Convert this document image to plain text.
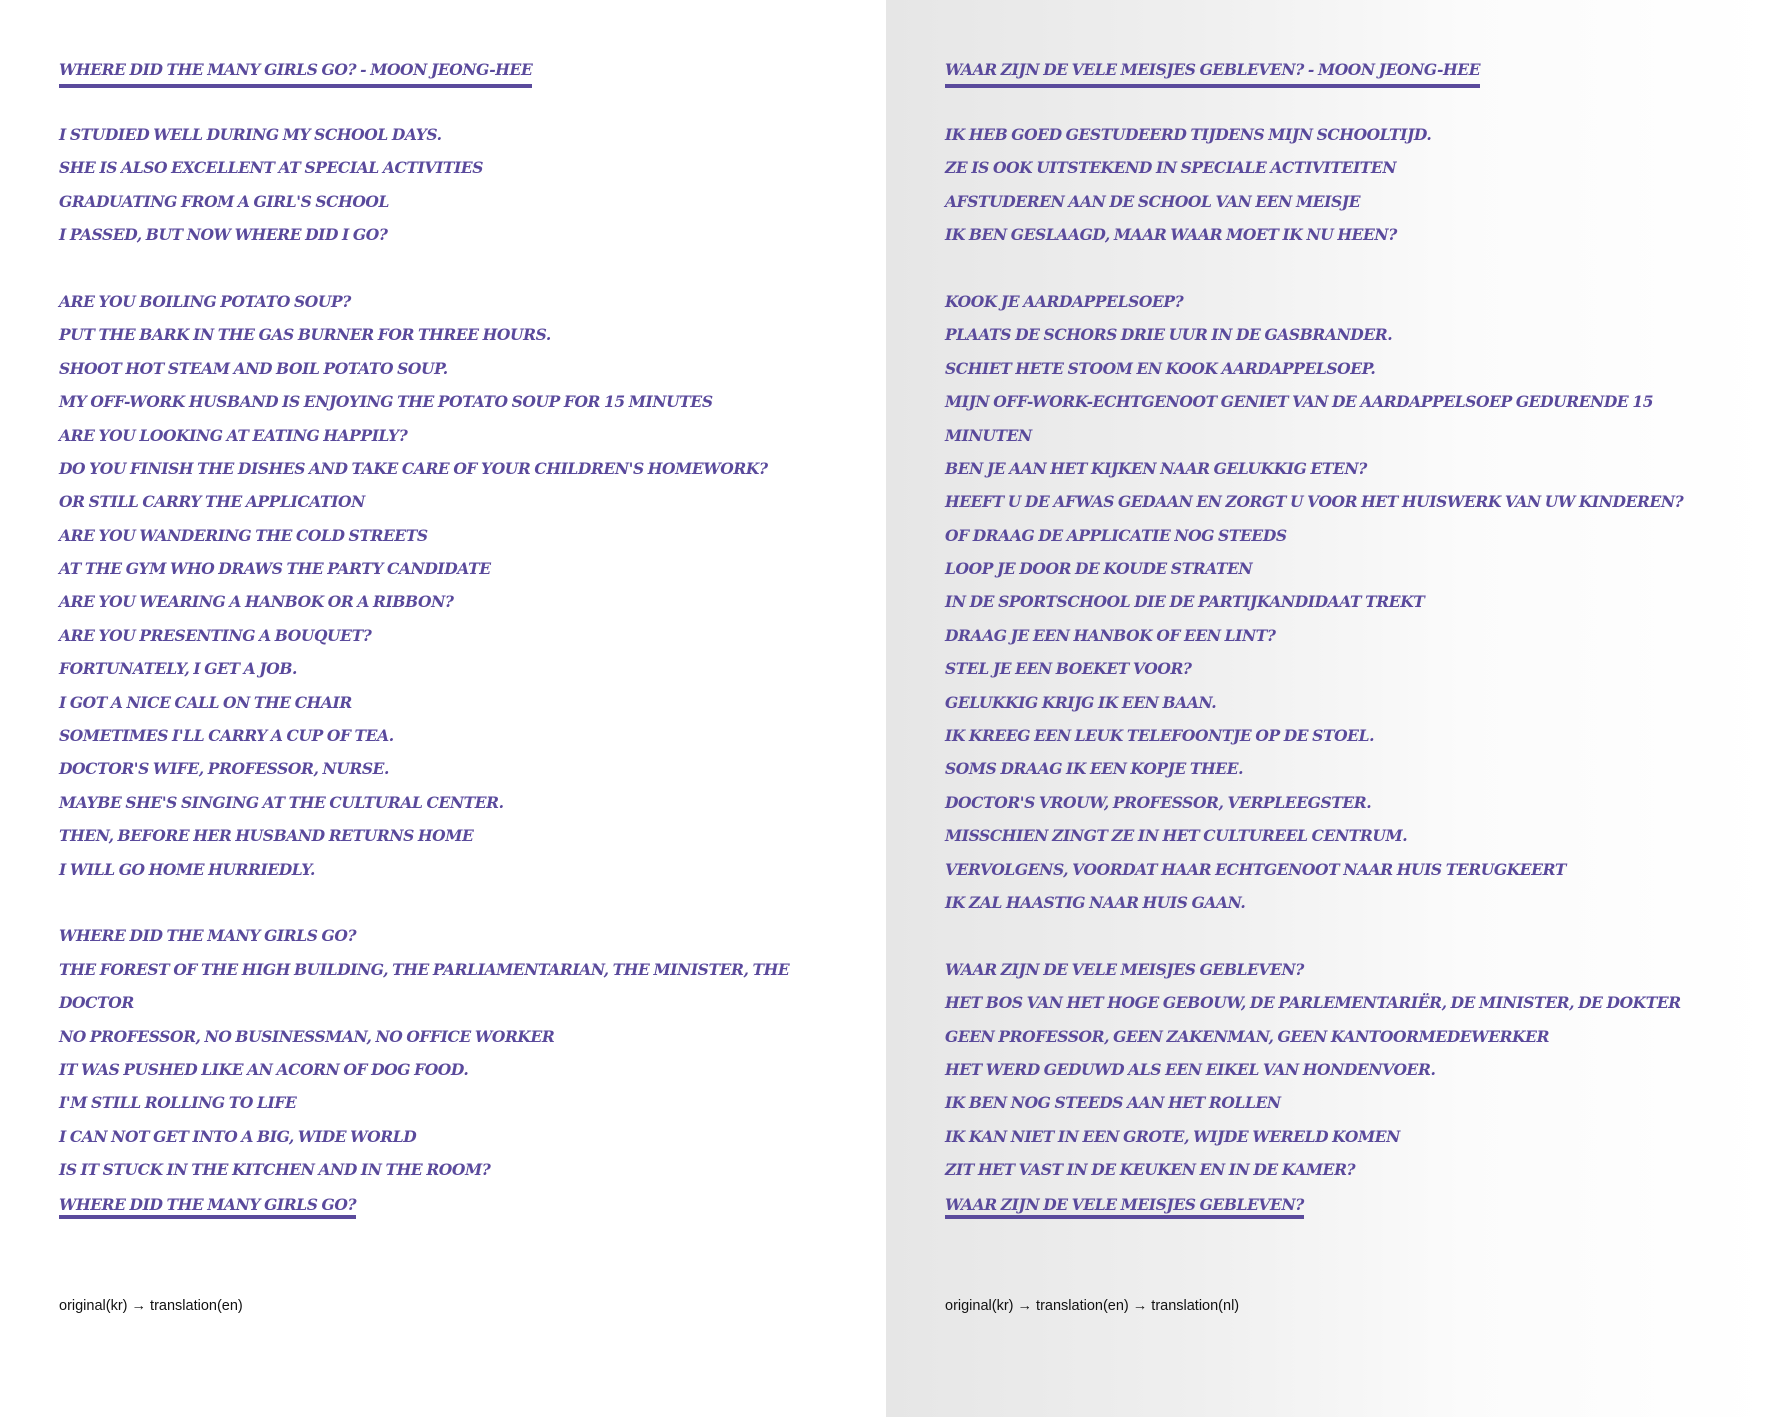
WHERE DID THE MANY GIRLS GO? - MOON JEONG-HEE
I STUDIED WELL DURING MY SCHOOL DAYS.
SHE IS ALSO EXCELLENT AT SPECIAL ACTIVITIES
GRADUATING FROM A GIRL'S SCHOOL
I PASSED, BUT NOW WHERE DID I GO?
ARE YOU BOILING POTATO SOUP?
PUT THE BARK IN THE GAS BURNER FOR THREE HOURS.
SHOOT HOT STEAM AND BOIL POTATO SOUP.
MY OFF-WORK HUSBAND IS ENJOYING THE POTATO SOUP FOR 15 MINUTES
ARE YOU LOOKING AT EATING HAPPILY?
DO YOU FINISH THE DISHES AND TAKE CARE OF YOUR CHILDREN'S HOMEWORK?
OR STILL CARRY THE APPLICATION
ARE YOU WANDERING THE COLD STREETS
AT THE GYM WHO DRAWS THE PARTY CANDIDATE
ARE YOU WEARING A HANBOK OR A RIBBON?
ARE YOU PRESENTING A BOUQUET?
FORTUNATELY, I GET A JOB.
I GOT A NICE CALL ON THE CHAIR
SOMETIMES I'LL CARRY A CUP OF TEA.
DOCTOR'S WIFE, PROFESSOR, NURSE.
MAYBE SHE'S SINGING AT THE CULTURAL CENTER.
THEN, BEFORE HER HUSBAND RETURNS HOME
I WILL GO HOME HURRIEDLY.
WHERE DID THE MANY GIRLS GO?
THE FOREST OF THE HIGH BUILDING, THE PARLIAMENTARIAN, THE MINISTER, THE
DOCTOR
NO PROFESSOR, NO BUSINESSMAN, NO OFFICE WORKER
IT WAS PUSHED LIKE AN ACORN OF DOG FOOD.
I'M STILL ROLLING TO LIFE
I CAN NOT GET INTO A BIG, WIDE WORLD
IS IT STUCK IN THE KITCHEN AND IN THE ROOM?
WHERE DID THE MANY GIRLS GO?
original(kr) → translation(en)
WAAR ZIJN DE VELE MEISJES GEBLEVEN? - MOON JEONG-HEE
IK HEB GOED GESTUDEERD TIJDENS MIJN SCHOOLTIJD.
ZE IS OOK UITSTEKEND IN SPECIALE ACTIVITEITEN
AFSTUDEREN AAN DE SCHOOL VAN EEN MEISJE
IK BEN GESLAAGD, MAAR WAAR MOET IK NU HEEN?
KOOK JE AARDAPPELSOEP?
PLAATS DE SCHORS DRIE UUR IN DE GASBRANDER.
SCHIET HETE STOOM EN KOOK AARDAPPELSOEP.
MIJN OFF-WORK-ECHTGENOOT GENIET VAN DE AARDAPPELSOEP GEDURENDE 15
MINUTEN
BEN JE AAN HET KIJKEN NAAR GELUKKIG ETEN?
HEEFT U DE AFWAS GEDAAN EN ZORGT U VOOR HET HUISWERK VAN UW KINDEREN?
OF DRAAG DE APPLICATIE NOG STEEDS
LOOP JE DOOR DE KOUDE STRATEN
IN DE SPORTSCHOOL DIE DE PARTIJKANDIDAAT TREKT
DRAAG JE EEN HANBOK OF EEN LINT?
STEL JE EEN BOEKET VOOR?
GELUKKIG KRIJG IK EEN BAAN.
IK KREEG EEN LEUK TELEFOONTJE OP DE STOEL.
SOMS DRAAG IK EEN KOPJE THEE.
DOCTOR'S VROUW, PROFESSOR, VERPLEEGSTER.
MISSCHIEN ZINGT ZE IN HET CULTUREEL CENTRUM.
VERVOLGENS, VOORDAT HAAR ECHTGENOOT NAAR HUIS TERUGKEERT
IK ZAL HAASTIG NAAR HUIS GAAN.
WAAR ZIJN DE VELE MEISJES GEBLEVEN?
HET BOS VAN HET HOGE GEBOUW, DE PARLEMENTARIËR, DE MINISTER, DE DOKTER
GEEN PROFESSOR, GEEN ZAKENMAN, GEEN KANTOORMEDEWERKER
HET WERD GEDUWD ALS EEN EIKEL VAN HONDENVOER.
IK BEN NOG STEEDS AAN HET ROLLEN
IK KAN NIET IN EEN GROTE, WIJDE WERELD KOMEN
ZIT HET VAST IN DE KEUKEN EN IN DE KAMER?
WAAR ZIJN DE VELE MEISJES GEBLEVEN?
original(kr) → translation(en) → translation(nl)
